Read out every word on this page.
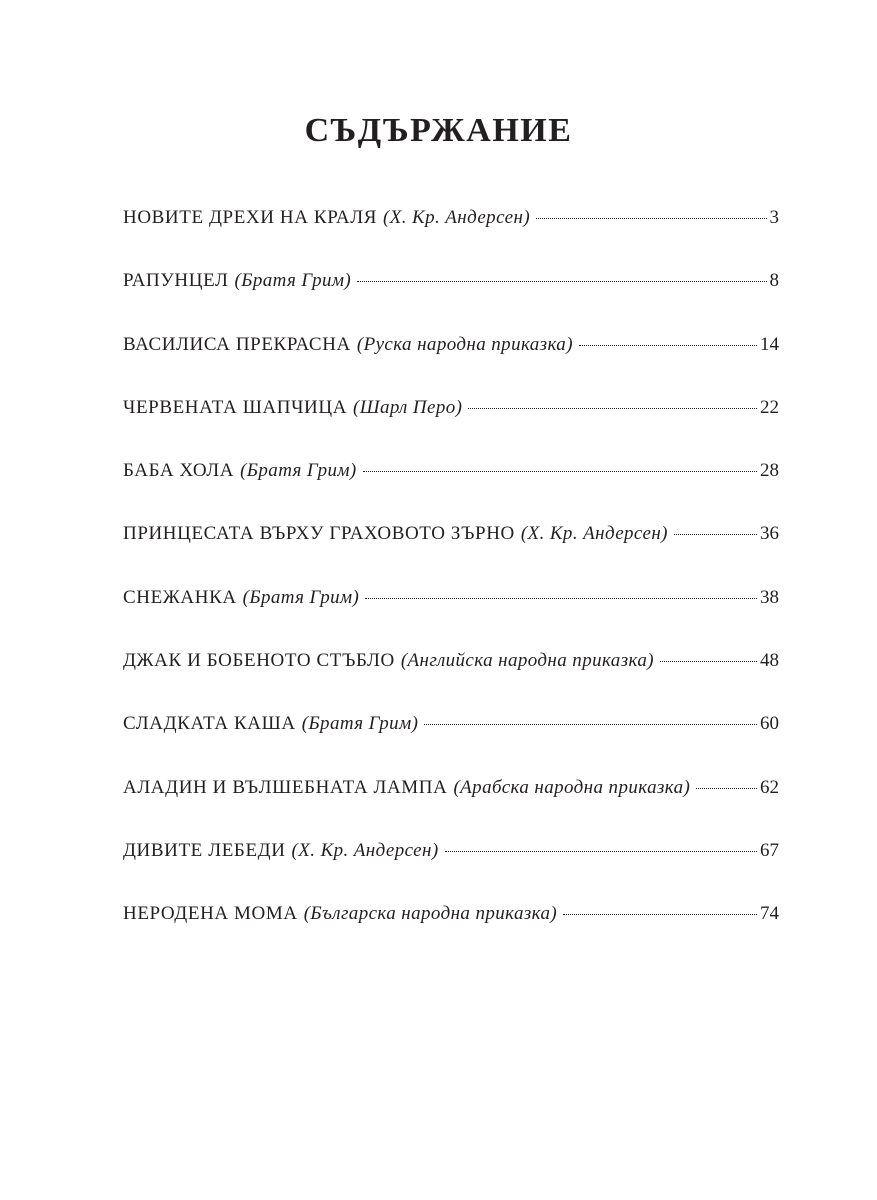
СЪДЪРЖАНИЕ
НОВИТЕ ДРЕХИ НА КРАЛЯ (Х. Кр. Андерсен)	3
РАПУНЦЕЛ (Братя Грим)	8
ВАСИЛИСА ПРЕКРАСНА (Руска народна приказка)	14
ЧЕРВЕНАТА ШАПЧИЦА (Шарл Перо)	22
БАБА ХОЛА (Братя Грим)	28
ПРИНЦЕСАТА ВЪРХУ ГРАХОВОТО ЗЪРНО (Х. Кр. Андерсен)	36
СНЕЖАНКА (Братя Грим)	38
ДЖАК И БОБЕНОТО СТЪБЛО (Английска народна приказка)	48
СЛАДКАТА КАША (Братя Грим)	60
АЛАДИН И ВЪЛШЕБНАТА ЛАМПА (Арабска народна приказка)	62
ДИВИТЕ ЛЕБЕДИ (Х. Кр. Андерсен)	67
НЕРОДЕНА МОМА (Българска народна приказка)	74
